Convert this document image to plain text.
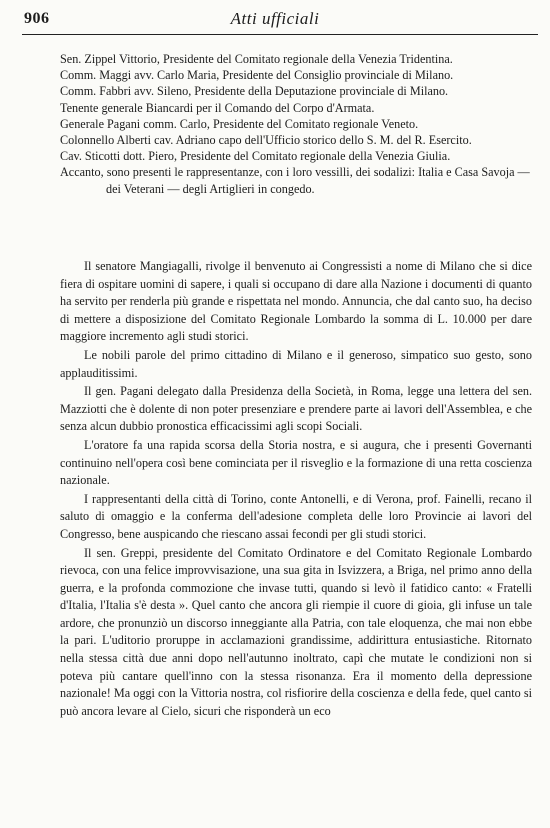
906	Atti ufficiali

Sen. Zippel Vittorio, Presidente del Comitato regionale della Venezia Tridentina.

Comm. Maggi avv. Carlo Maria, Presidente del Consiglio provinciale di Milano.

Comm. Fabbri avv. Sileno, Presidente della Deputazione provinciale di Milano.

Tenente generale Biancardi per il Comando del Corpo d'Armata.

Generale Pagani comm. Carlo, Presidente del Comitato regionale Veneto.

Colonnello Alberti cav. Adriano capo dell'Ufficio storico dello S. M. del R. Esercito.

Cav. Sticotti dott. Piero, Presidente del Comitato regionale della Venezia Giulia.

Accanto, sono presenti le rappresentanze, con i loro vessilli, dei sodalizi: Italia e Casa Savoja — dei Veterani — degli Artiglieri in congedo.

Il senatore Mangiagalli, rivolge il benvenuto ai Congressisti a nome di Milano che si dice fiera di ospitare uomini di sapere, i quali si occupano di dare alla Nazione i documenti di quanto ha servito per renderla più grande e rispettata nel mondo. Annuncia, che dal canto suo, ha deciso di mettere a disposizione del Comitato Regionale Lombardo la somma di L. 10.000 per dare maggiore incremento agli studi storici.

Le nobili parole del primo cittadino di Milano e il generoso, simpatico suo gesto, sono applauditissimi.

Il gen. Pagani delegato dalla Presidenza della Società, in Roma, legge una lettera del sen. Mazziotti che è dolente di non poter presenziare e prendere parte ai lavori dell'Assemblea, e che senza alcun dubbio pronostica efficacissimi agli scopi Sociali.

L'oratore fa una rapida scorsa della Storia nostra, e si augura, che i presenti Governanti continuino nell'opera così bene cominciata per il risveglio e la formazione di una retta coscienza nazionale.

I rappresentanti della città di Torino, conte Antonelli, e di Verona, prof. Fainelli, recano il saluto di omaggio e la conferma dell'adesione completa delle loro Provincie ai lavori del Congresso, bene auspicando che riescano assai fecondi per gli studi storici.

Il sen. Greppi, presidente del Comitato Ordinatore e del Comitato Regionale Lombardo rievoca, con una felice improvvisazione, una sua gita in Isvizzera, a Briga, nel primo anno della guerra, e la profonda commozione che invase tutti, quando si levò il fatidico canto: « Fratelli d'Italia, l'Italia s'è desta ». Quel canto che ancora gli riempie il cuore di gioia, gli infuse un tale ardore, che pronunziò un discorso inneggiante alla Patria, con tale eloquenza, che mai non ebbe la pari. L'uditorio proruppe in acclamazioni grandissime, addirittura entusiastiche. Ritornato nella stessa città due anni dopo nell'autunno inoltrato, capì che mutate le condizioni non si poteva più cantare quell'inno con la stessa risonanza. Era il momento della depressione nazionale! Ma oggi con la Vittoria nostra, col risfiorire della coscienza e della fede, quel canto si può ancora levare al Cielo, sicuri che risponderà un eco
